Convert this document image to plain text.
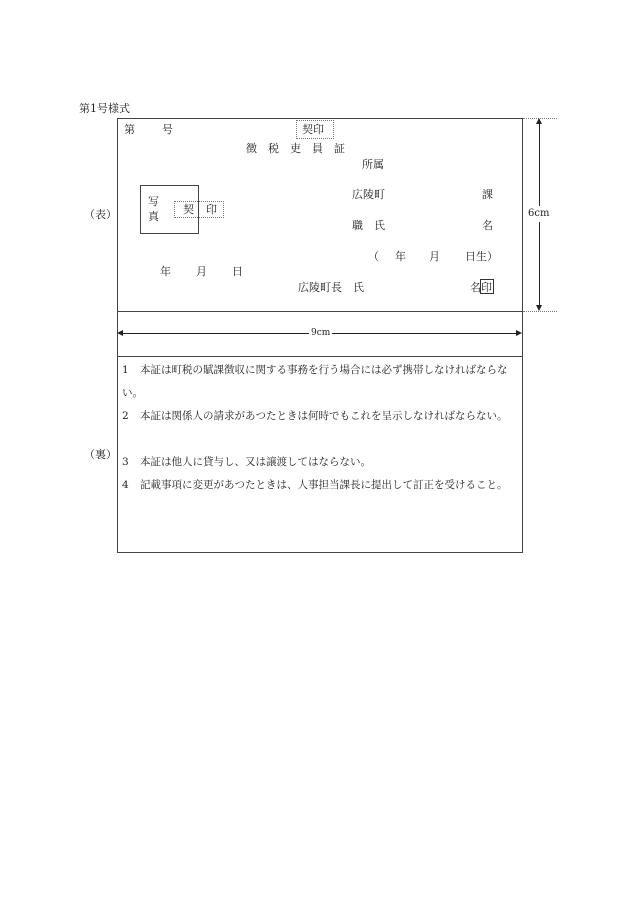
第1号様式
（表）
（裏）
第 号	契印
徴　税　吏　員　証
所属
写
真
契 印
広陵町	課
職　氏	名
（ 年 月 日生）
年 月 日
広陵町長　氏	名 印
6cm
9cm
1 本証は町税の賦課徴収に関する事務を行う場合には必ず携帯しなければならない。
2 本証は関係人の請求があつたときは何時でもこれを呈示しなければならない。
3 本証は他人に貸与し、又は譲渡してはならない。
4 記載事項に変更があつたときは、人事担当課長に提出して訂正を受けること。
